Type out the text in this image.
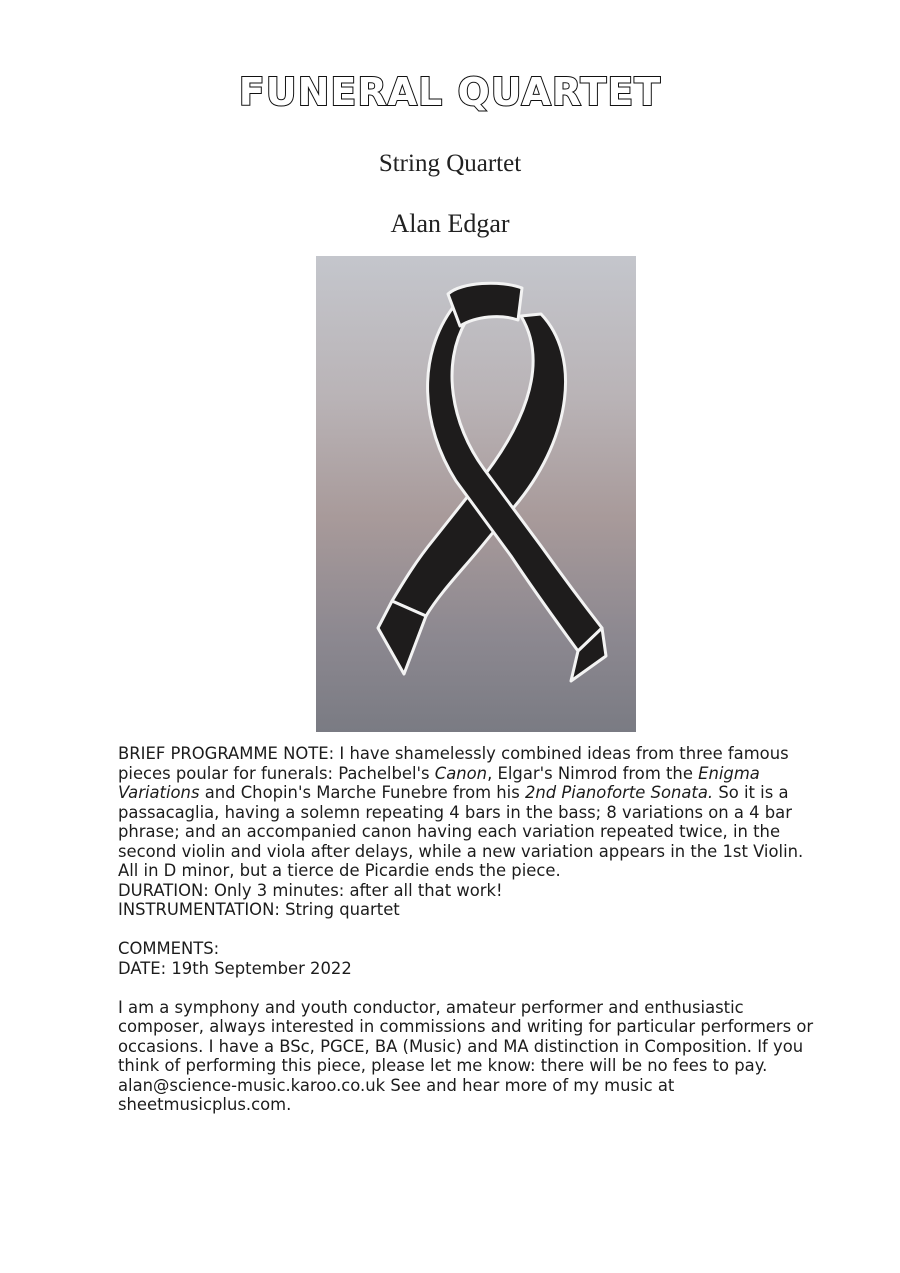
FUNERAL QUARTET
String Quartet
Alan Edgar

BRIEF PROGRAMME NOTE: I have shamelessly combined ideas from three famous pieces poular for funerals: Pachelbel's Canon, Elgar's Nimrod from the Enigma Variations and Chopin's Marche Funebre from his 2nd Pianoforte Sonata. So it is a passacaglia, having a solemn repeating 4 bars in the bass; 8 variations on a 4 bar phrase; and an accompanied canon having each variation repeated twice, in the second violin and viola after delays, while a new variation appears in the 1st Violin. All in D minor, but a tierce de Picardie ends the piece.

DURATION: Only 3 minutes: after all that work!

INSTRUMENTATION: String quartet

COMMENTS:

DATE: 19th September 2022

I am a symphony and youth conductor, amateur performer and enthusiastic composer, always interested in commissions and writing for particular performers or occasions. I have a BSc, PGCE, BA (Music) and MA distinction in Composition. If you think of performing this piece, please let me know: there will be no fees to pay. alan@science-music.karoo.co.uk See and hear more of my music at sheetmusicplus.com.
